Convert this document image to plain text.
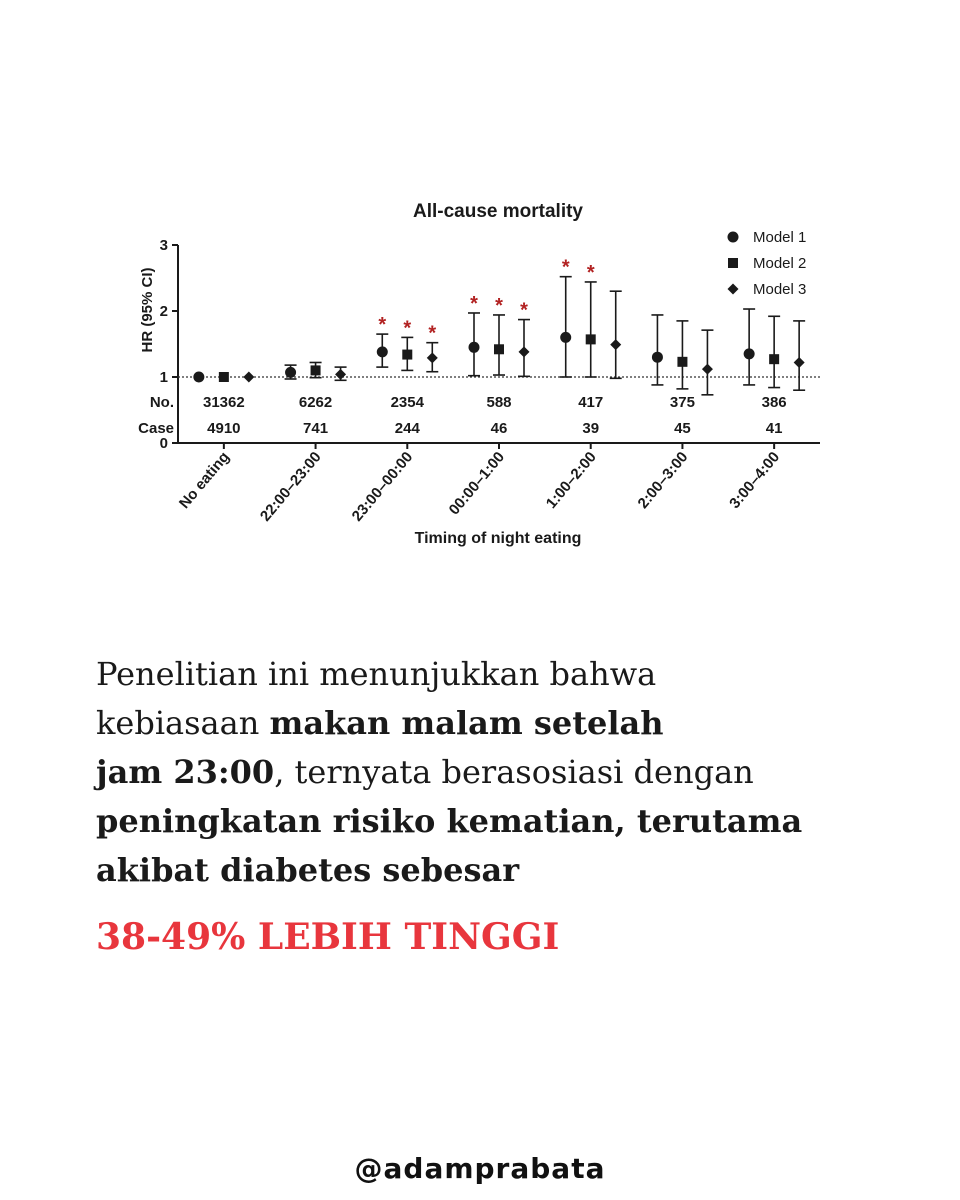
All-cause mortality
HR (95% CI)
Timing of night eating
0
1
2
3	Model 1
Model 2
Model 3
*
*
*
*
*
*
*
*
No.
Case
31362	6262	2354	588	417	375	386
4910	741	244	46	39	45	41
No eating 22:00–23:00 23:00–00:00 00:00–1:00 1:00–2:00 2:00–3:00 3:00–4:00

Penelitian ini menunjukkan bahwa
kebiasaan makan malam setelah
jam 23:00, ternyata berasosiasi dengan
peningkatan risiko kematian, terutama
akibat diabetes sebesar

38-49% LEBIH TINGGI

@adamprabata
